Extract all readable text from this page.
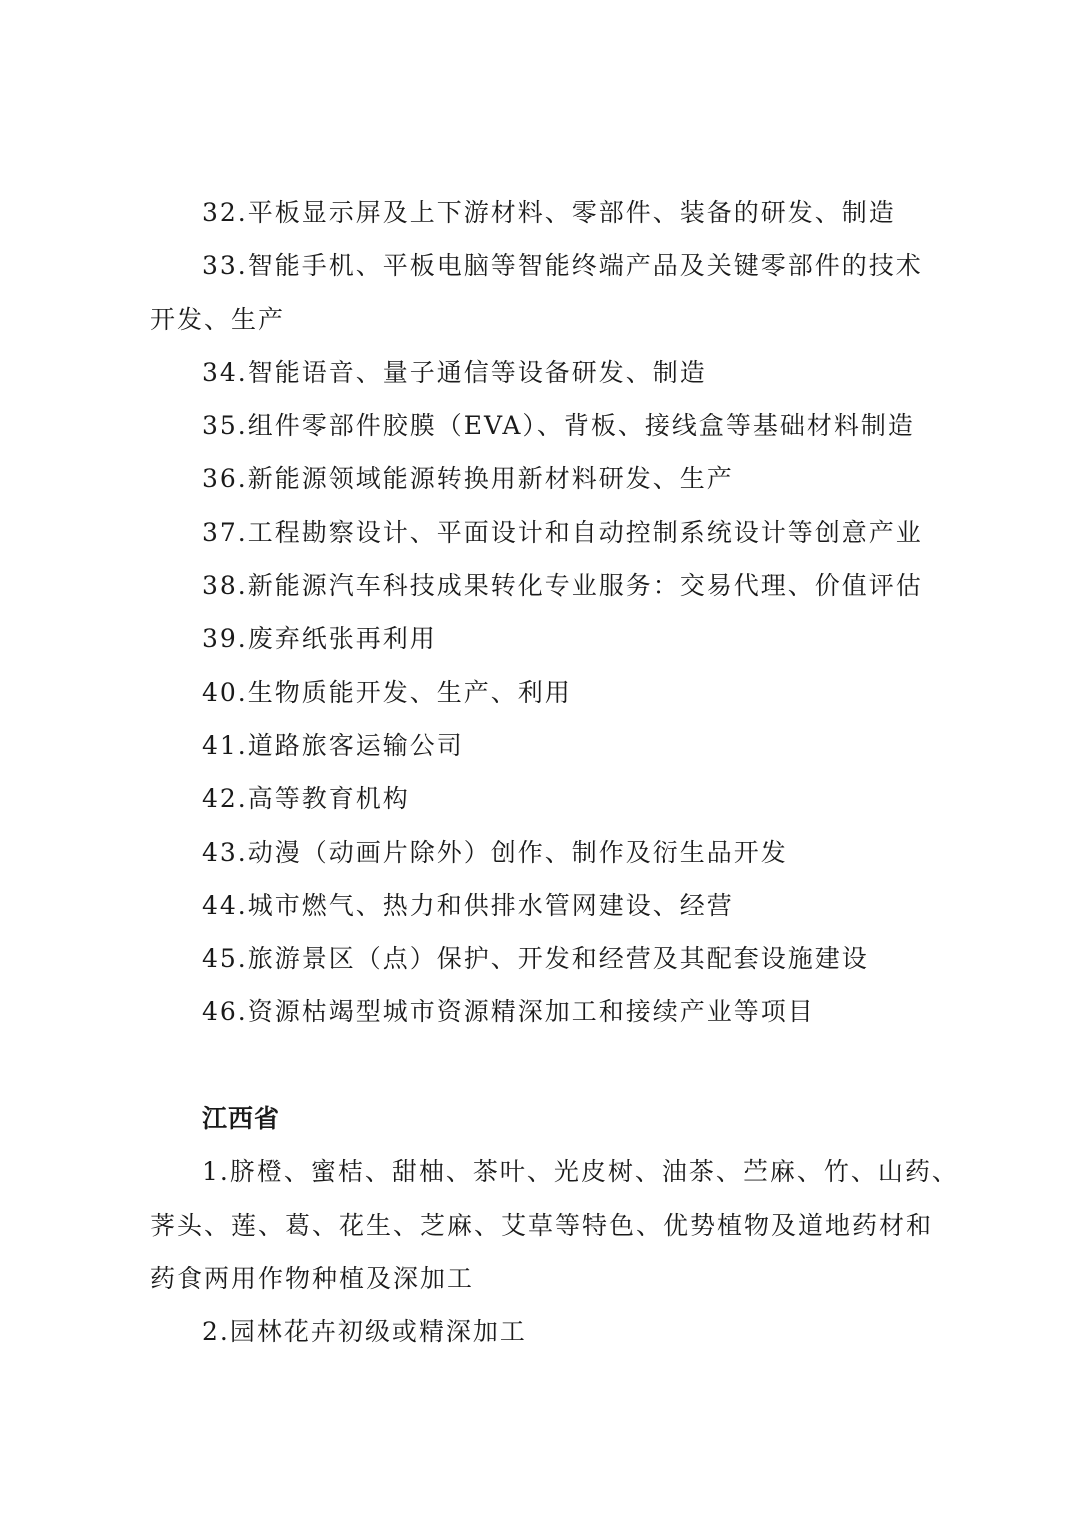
32.平板显示屏及上下游材料、零部件、装备的研发、制造
33.智能手机、平板电脑等智能终端产品及关键零部件的技术
开发、生产
34.智能语音、量子通信等设备研发、制造
35.组件零部件胶膜（EVA）、背板、接线盒等基础材料制造
36.新能源领域能源转换用新材料研发、生产
37.工程勘察设计、平面设计和自动控制系统设计等创意产业
38.新能源汽车科技成果转化专业服务：交易代理、价值评估
39.废弃纸张再利用
40.生物质能开发、生产、利用
41.道路旅客运输公司
42.高等教育机构
43.动漫（动画片除外）创作、制作及衍生品开发
44.城市燃气、热力和供排水管网建设、经营
45.旅游景区（点）保护、开发和经营及其配套设施建设
46.资源枯竭型城市资源精深加工和接续产业等项目
江西省
1.脐橙、蜜桔、甜柚、茶叶、光皮树、油茶、苎麻、竹、山药、
荠头、莲、葛、花生、芝麻、艾草等特色、优势植物及道地药材和
药食两用作物种植及深加工
2.园林花卉初级或精深加工
